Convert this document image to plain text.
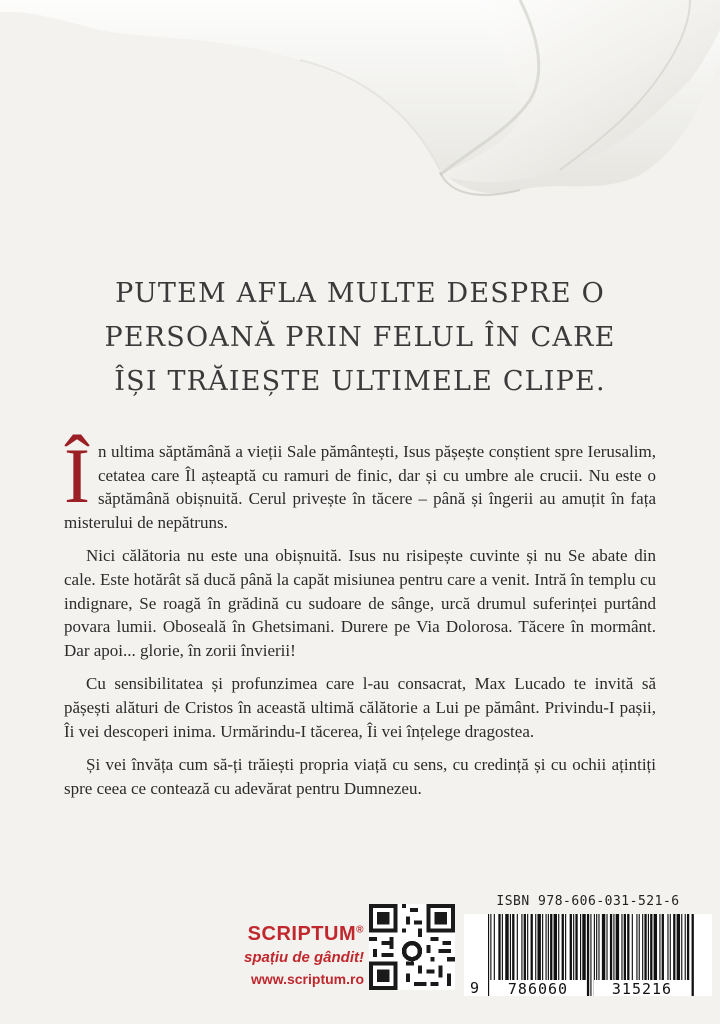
PUTEM AFLA MULTE DESPRE O
PERSOANĂ PRIN FELUL ÎN CARE
ÎȘI TRĂIEȘTE ULTIMELE CLIPE.

În ultima săptămână a vieții Sale pământești, Isus pășește conștient spre Ierusalim, cetatea care Îl așteaptă cu ramuri de finic, dar și cu umbre ale crucii. Nu este o săptămână obișnuită. Cerul privește în tăcere – până și îngerii au amuțit în fața misterului de nepătruns.

Nici călătoria nu este una obișnuită. Isus nu risipește cuvinte și nu Se abate din cale. Este hotărât să ducă până la capăt misiunea pentru care a venit. Intră în templu cu indignare, Se roagă în grădină cu sudoare de sânge, urcă drumul suferinței purtând povara lumii. Oboseală în Ghetsimani. Durere pe Via Dolorosa. Tăcere în mormânt. Dar apoi... glorie, în zorii învierii!

Cu sensibilitatea și profunzimea care l-au consacrat, Max Lucado te invită să pășești alături de Cristos în această ultimă călătorie a Lui pe pământ. Privindu-I pașii, Îi vei descoperi inima. Urmărindu-I tăcerea, Îi vei înțelege dragostea.

Și vei învăța cum să-ți trăiești propria viață cu sens, cu credință și cu ochii ațintiți spre ceea ce contează cu adevărat pentru Dumnezeu.

SCRIPTUM®
spațiu de gândit!
www.scriptum.ro
ISBN 978-606-031-521-6
9 786060	315216
